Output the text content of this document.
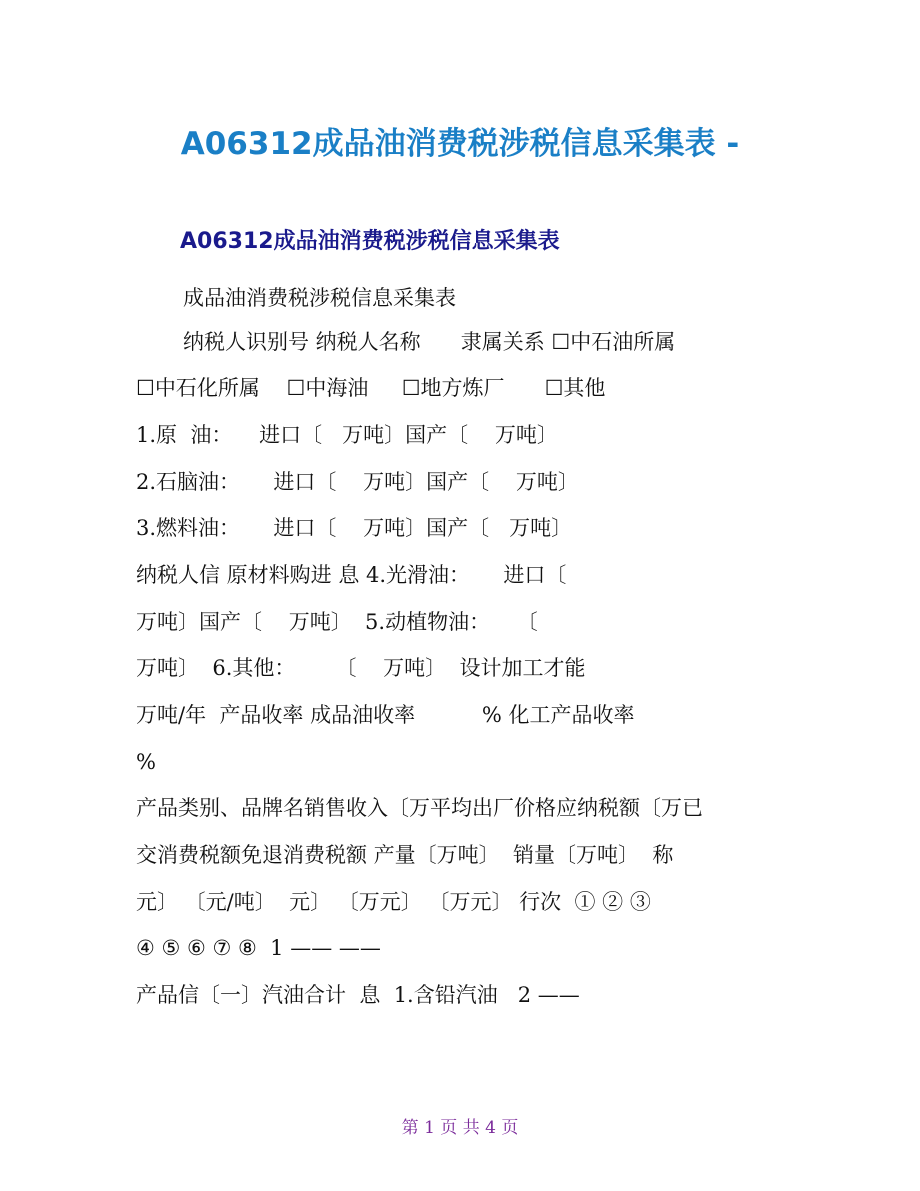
A06312成品油消费税涉税信息采集表 -
A06312成品油消费税涉税信息采集表
成品油消费税涉税信息采集表
纳税人识别号 纳税人名称      隶属关系 ☐中石油所属
☐中石化所属    ☐中海油     ☐地方炼厂      ☐其他
1.原  油：    进口〔   万吨〕国产〔    万吨〕
2.石脑油：     进口〔    万吨〕国产〔    万吨〕
3.燃料油：     进口〔    万吨〕国产〔   万吨〕
纳税人信 原材料购进 息 4.光滑油：     进口〔
万吨〕国产〔    万吨〕  5.动植物油：    〔
万吨〕  6.其他：      〔    万吨〕  设计加工才能
万吨/年  产品收率 成品油收率          % 化工产品收率
%
产品类别、品牌名销售收入〔万平均出厂价格应纳税额〔万已
交消费税额免退消费税额 产量〔万吨〕  销量〔万吨〕  称
元〕 〔元/吨〕  元〕 〔万元〕 〔万元〕 行次  ① ② ③
④ ⑤ ⑥ ⑦ ⑧  1 —— ——
产品信〔一〕汽油合计  息  1.含铅汽油   2 ——
第 1 页 共 4 页
